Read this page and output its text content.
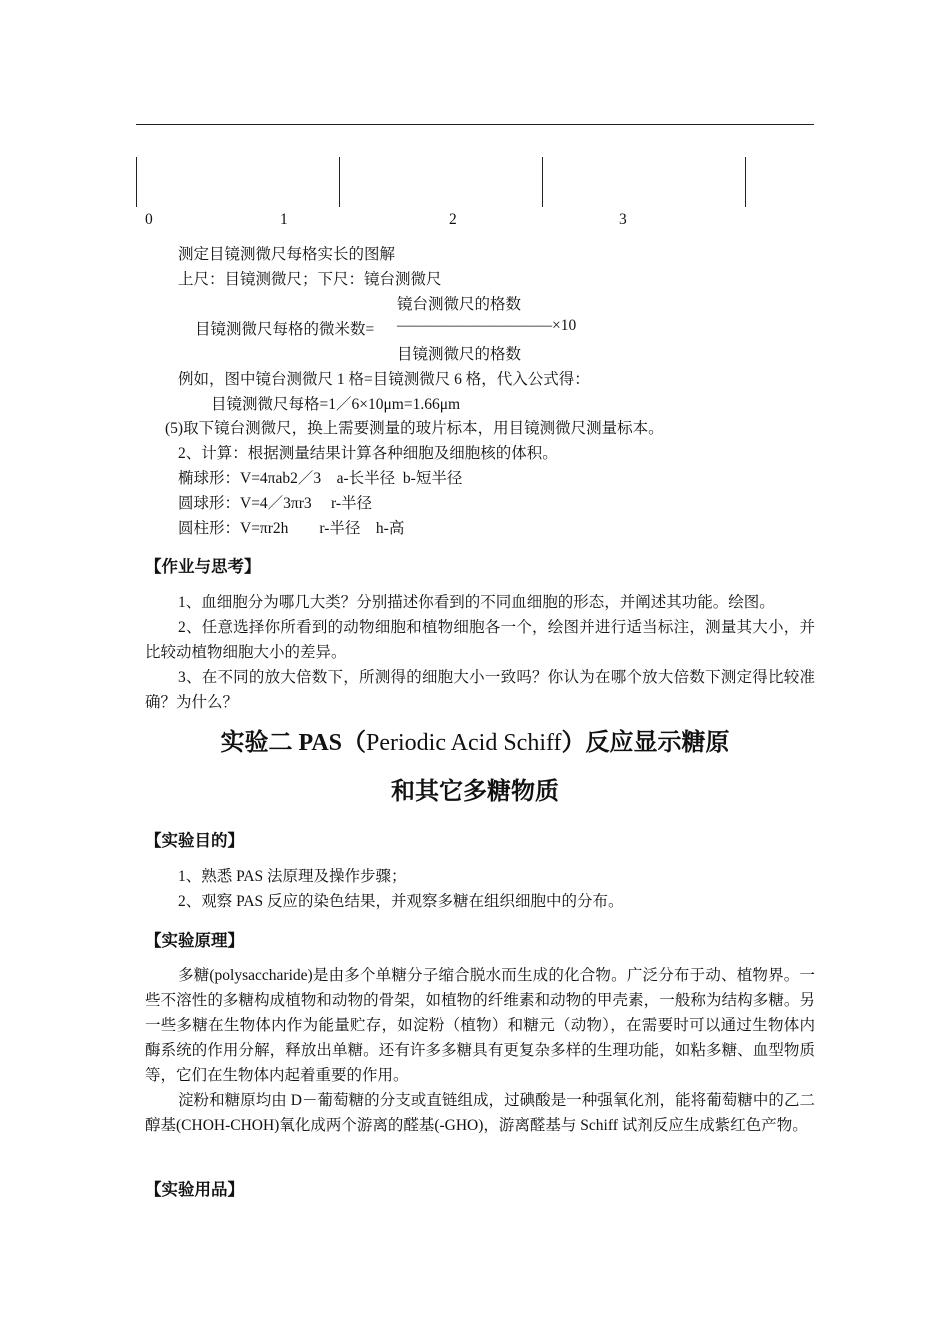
0	1	2	3
测定目镜测微尺每格实长的图解
上尺：目镜测微尺；下尺：镜台测微尺
镜台测微尺的格数
目镜测微尺每格的微米数= ——————————×10
目镜测微尺的格数
例如，图中镜台测微尺 1 格=目镜测微尺 6 格，代入公式得：
目镜测微尺每格=1／6×10μm=1.66μm
(5)取下镜台测微尺，换上需要测量的玻片标本，用目镜测微尺测量标本。
2、计算：根据测量结果计算各种细胞及细胞核的体积。
椭球形：V=4πab2／3    a-长半径  b-短半径
圆球形：V=4／3πr3     r-半径
圆柱形：V=πr2h        r-半径    h-高
【作业与思考】
1、血细胞分为哪几大类？分别描述你看到的不同血细胞的形态，并阐述其功能。绘图。
2、任意选择你所看到的动物细胞和植物细胞各一个，绘图并进行适当标注，测量其大小，并比较动植物细胞大小的差异。
3、在不同的放大倍数下，所测得的细胞大小一致吗？你认为在哪个放大倍数下测定得比较准确？为什么？
实验二 PAS（Periodic Acid Schiff）反应显示糖原
和其它多糖物质
【实验目的】
1、熟悉 PAS 法原理及操作步骤；
2、观察 PAS 反应的染色结果，并观察多糖在组织细胞中的分布。
【实验原理】
多糖(polysaccharide)是由多个单糖分子缩合脱水而生成的化合物。广泛分布于动、植物界。一些不溶性的多糖构成植物和动物的骨架，如植物的纤维素和动物的甲壳素，一般称为结构多糖。另一些多糖在生物体内作为能量贮存，如淀粉（植物）和糖元（动物），在需要时可以通过生物体内酶系统的作用分解，释放出单糖。还有许多多糖具有更复杂多样的生理功能，如粘多糖、血型物质等，它们在生物体内起着重要的作用。
淀粉和糖原均由 D－葡萄糖的分支或直链组成，过碘酸是一种强氧化剂，能将葡萄糖中的乙二醇基(CHOH-CHOH)氧化成两个游离的醛基(-GHO)，游离醛基与 Schiff 试剂反应生成紫红色产物。
【实验用品】
